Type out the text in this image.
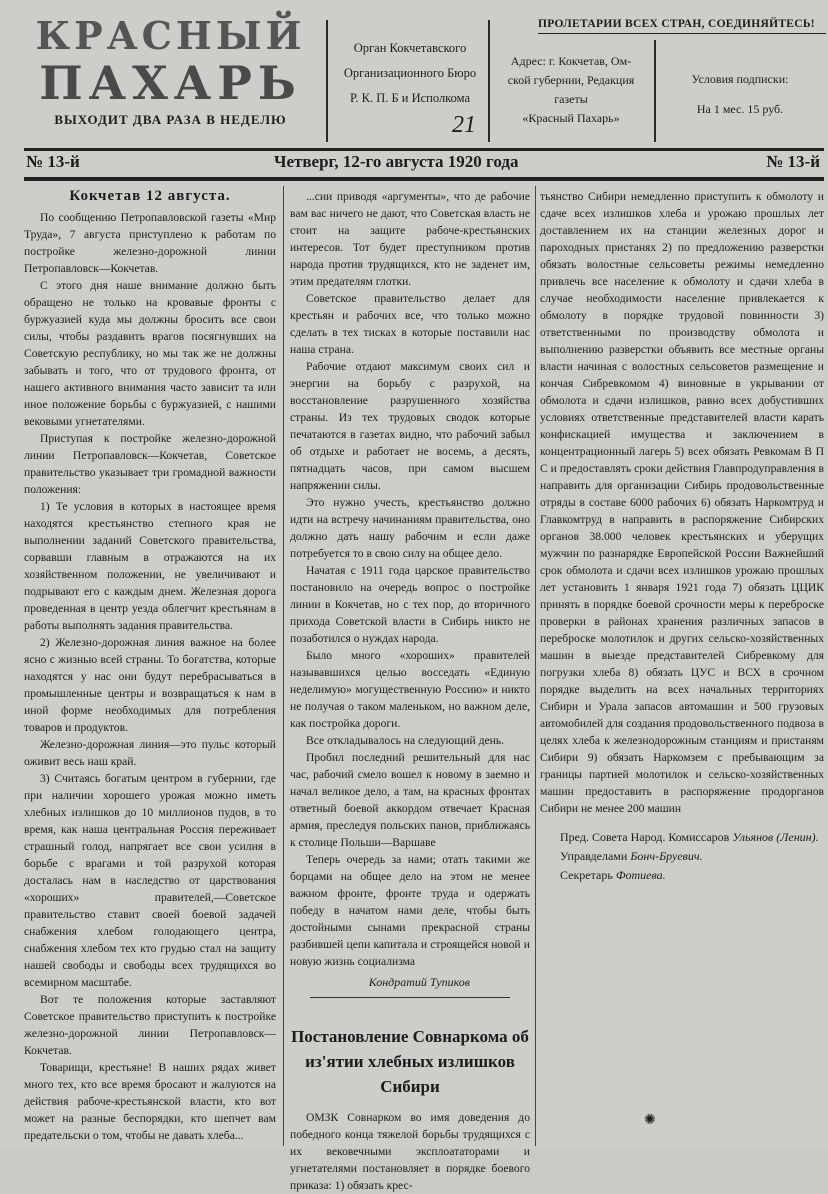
КРАСНЫЙ
ПАХАРЬ
ВЫХОДИТ ДВА РАЗА В НЕДЕЛЮ
Орган Кокчетавского
Организационного Бюро
Р. К. П. Б и Исполкома
21
ПРОЛЕТАРИИ ВСЕХ СТРАН, СОЕДИНЯЙТЕСЬ!
Адрес: г. Кокчетав, Ом-
ской губернии, Редакция
газеты
«Красный Пахарь»
Условия подписки:
На 1 мес. 15 руб.
№ 13-й	Четверг, 12-го августа 1920 года	№ 13-й
Кокчетав 12 августа.

По сообщению Петропавловской газеты «Мир Труда», 7 августа приступлено к работам по постройке железно-дорожной линии Петропавловск—Кокчетав.

С этого дня наше внимание должно быть обращено не только на кровавые фронты с буржуазией куда мы должны бросить все свои силы, чтобы раздавить врагов посягнувших на Советскую республику, но мы так же не должны забывать и того, что от трудового фронта, от нашего активного внимания часто зависит та или иное положение борьбы с буржуазией, с нашими вековыми угнетателями.

Приступая к постройке железно-дорожной линии Петропавловск—Кокчетав, Советское правительство указывает три громадной важности положения:

1) Те условия в которых в настоящее время находятся крестьянство степного края не выполнении заданий Советского правительства, сорвавши главным в отражаются на их хозяйственном положении, не увеличивают и подрывают его с каждым днем. Железная дорога проведенная в центр уезда облегчит крестьянам в работы выполнять задания правительства.

2) Железно-дорожная линия важное на более ясно с жизнью всей страны. То богатства, которые находятся у нас они будут перебрасываться в промышленные центры и возвращаться к нам в иной форме необходимых для потребления товаров и продуктов.

Железно-дорожная линия—это пульс который оживит весь наш край.

3) Считаясь богатым центром в губернии, где при наличии хорошего урожая можно иметь хлебных излишков до 10 миллионов пудов, в то время, как наша центральная Россия переживает страшный голод, напрягает все свои усилия в борьбе с врагами и той разрухой которая досталась нам в наследство от царствования «хороших» правителей,—Советское правительство ставит своей боевой задачей снабжения хлебом голодающего центра, снабжения хлебом тех кто грудью стал на защиту нашей свободы и свободы всех трудящихся во всемирном масштабе.

Вот те положения которые заставляют Советское правительство приступить к постройке железно-дорожной линии Петропавловск—Кокчетав.

Товарищи, крестьяне! В наших рядах живет много тех, кто все время бросают и жалуются на действия рабоче-крестьянской власти, кто вот может на разные беспорядки, кто шепчет вам предательски о том, чтобы не давать хлеба...

...сии приводя «аргументы», что де рабочие вам вас ничего не дают, что Советская власть не стоит на защите рабоче-крестьянских интересов. Тот будет преступником против народа против трудящихся, кто не заденет им, этим предателям глотки.

Советское правительство делает для крестьян и рабочих все, что только можно сделать в тех тисках в которые поставили нас наша страна.

Рабочие отдают максимум своих сил и энергии на борьбу с разрухой, на восстановление разрушенного хозяйства страны. Из тех трудовых сводок которые печатаются в газетах видно, что рабочий забыл об отдыхе и работает не восемь, а десять, пятнадцать часов, при самом высшем напряжении силы.

Это нужно учесть, крестьянство должно идти на встречу начинаниям правительства, оно должно дать нашу рабочим и если даже потребуется то в свою силу на общее дело.

Начатая с 1911 года царское правительство постановило на очередь вопрос о постройке линии в Кокчетав, но с тех пор, до вторичного прихода Советской власти в Сибирь никто не позаботился о нуждах народа.

Было много «хороших» правителей называвшихся целью восседать «Единую неделимую» могущественную Россию» и никто не получая о таком маленьком, но важном деле, как постройка дороги.

Все откладывалось на следующий день.

Пробил последний решительный для нас час, рабочий смело вошел к новому в заемно и начал великое дело, а там, на красных фронтах ответный боевой аккордом отвечает Красная армия, преследуя польских панов, приближаясь к столице Польши—Варшаве

Теперь очередь за нами; отать такими же борцами на общее дело на этом не менее важном фронте, фронте труда и одержать победу в начатом нами деле, чтобы быть достойными сынами прекрасной страны разбившей цепи капитала и строящейся новой и новую жизнь социализма

Кондратий Тупиков
Постановление Совнаркома об из'ятии хлебных излишков Сибири

ОМЗК Совнарком во имя доведения до победного конца тяжелой борьбы трудящихся с их вековечными эксплоататорами и угнетателями постановляет в порядке боевого приказа: 1) обязать крес-

тьянство Сибири немедленно приступить к обмолоту и сдаче всех излишков хлеба и урожаю прошлых лет доставлением их на станции железных дорог и пароходных пристанях 2) по предложению разверстки обязать волостные сельсоветы режимы немедленно привлечь все население к обмолоту и сдачи хлеба в случае необходимости население привлекается к обмолоту в порядке трудовой повинности 3) ответственными по производству обмолота и выполнению разверстки объявить все местные органы власти начиная с волостных сельсоветов размещение и кончая Сибревкомом 4) виновные в укрывании от обмолота и сдачи излишков, равно всех добустивших условиях ответственные представителей власти карать конфискацией имущества и заключением в концентрационный лагерь 5) всех обязать Ревкомам В П С и предоставлять сроки действия Главпродуправления в направить для организации Сибирь продовольственные отряды в составе 6000 рабочих 6) обязать Наркомтруд и Главкомтруд в направить в распоряжение Сибирских органов 38.000 человек крестьянских и уберущих мужчин по разнарядке Европейской России Важнейший срок обмолота и сдачи всех излишков урожаю прошлых лет установить 1 января 1921 года 7) обязать ЦЦИК принять в порядке боевой срочности меры к переброске проверки в районах хранения различных запасов в переброске молотилок и других сельско-хозяйственных машин в выезде представителей Сибревкому для погрузки хлеба 8) обязать ЦУС и ВСХ в срочном порядке выделить на всех начальных территориях Сибири и Урала запасов автомашин и 500 грузовых автомобилей для создания продовольственного подвоза в целях хлеба к железнодорожным станциям и пристаням Сибири 9) обязать Наркомзем с пребывающим за границы партией молотилок и сельско-хозяйственных машин предоставить в распоряжение продорганов Сибири не менее 200 машин

Пред. Совета Народ. Комиссаров Ульянов (Ленин).
Управделами Бонч-Бруевич.
Секретарь Фотиева.
✺
